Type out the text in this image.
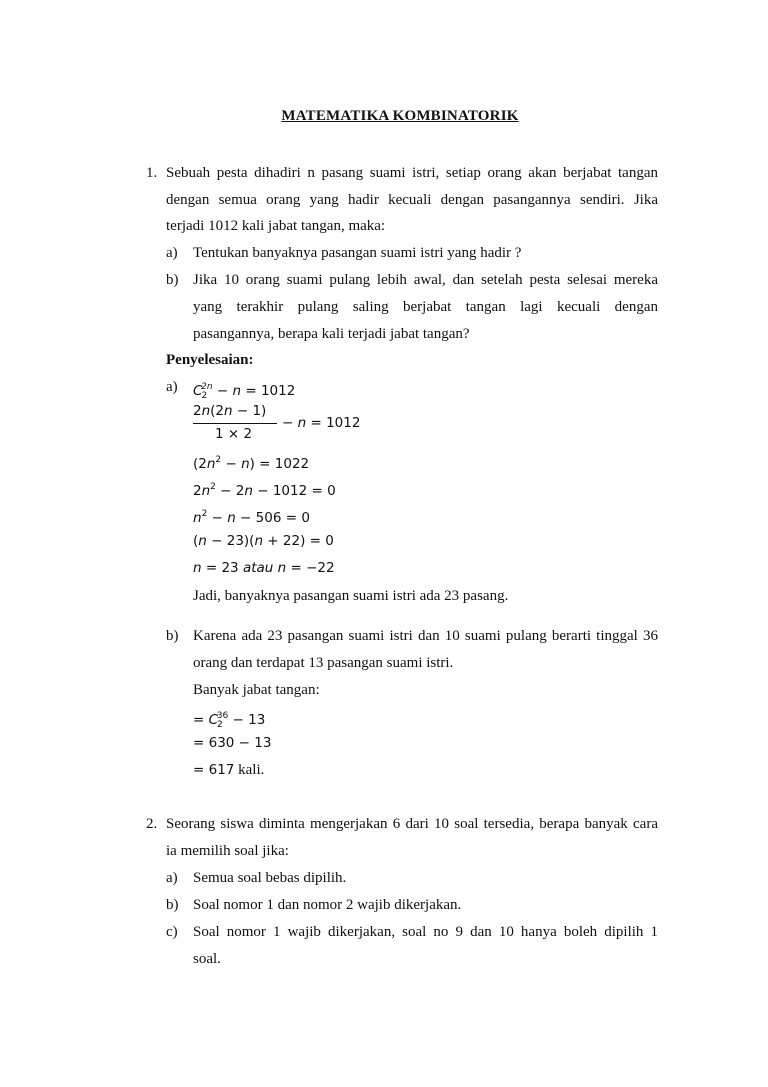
MATEMATIKA KOMBINATORIK
1. Sebuah pesta dihadiri n pasang suami istri, setiap orang akan berjabat tangan
dengan semua orang yang hadir kecuali dengan pasangannya sendiri. Jika
terjadi 1012 kali jabat tangan, maka:
a) Tentukan banyaknya pasangan suami istri yang hadir ?
b) Jika 10 orang suami pulang lebih awal, dan setelah pesta selesai mereka
yang terakhir pulang saling berjabat tangan lagi kecuali dengan
pasangannya, berapa kali terjadi jabat tangan?
Penyelesaian:
a) $C_2^{2n} - n = 1012$
2n(2n − 1)
1 × 2
− n = 1012
$(2n^2 - n) = 1022$
$2n^2 - 2n - 1012 = 0$
$n^2 - n - 506 = 0$
(n − 23)(n + 22) = 0
n = 23 atau n = −22
Jadi, banyaknya pasangan suami istri ada 23 pasang.
b) Karena ada 23 pasangan suami istri dan 10 suami pulang berarti tinggal 36
orang dan terdapat 13 pasangan suami istri.
Banyak jabat tangan:
= $C_2^{36} - 13$
= 630 − 13
= 617 kali.
2. Seorang siswa diminta mengerjakan 6 dari 10 soal tersedia, berapa banyak cara
ia memilih soal jika:
a) Semua soal bebas dipilih.
b) Soal nomor 1 dan nomor 2 wajib dikerjakan.
c) Soal nomor 1 wajib dikerjakan, soal no 9 dan 10 hanya boleh dipilih 1
soal.
